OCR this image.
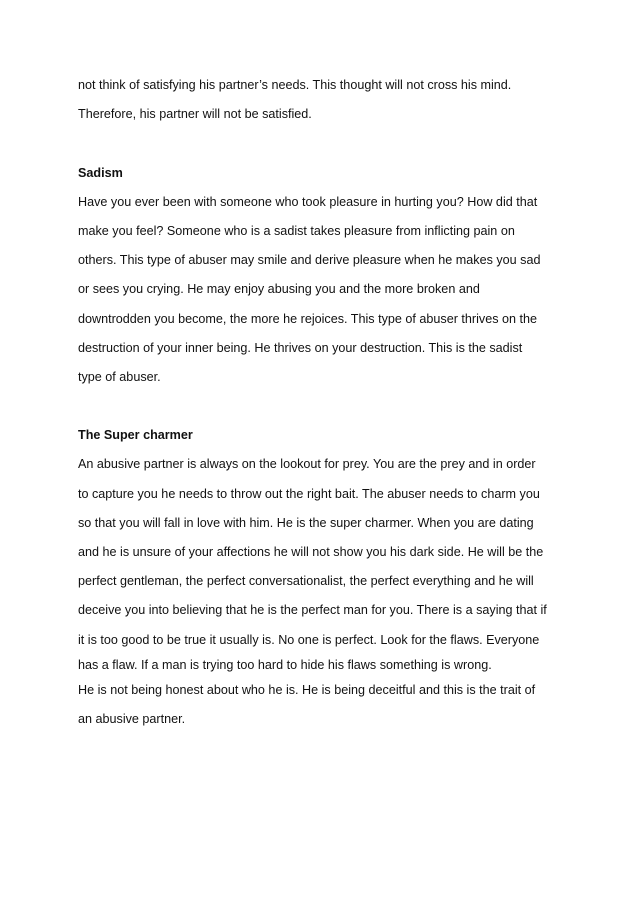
not think of satisfying his partner’s needs. This thought will not cross his mind.
Therefore, his partner will not be satisfied.
Sadism
Have you ever been with someone who took pleasure in hurting you? How did that
make you feel? Someone who is a sadist takes pleasure from inflicting pain on
others. This type of abuser may smile and derive pleasure when he makes you sad
or sees you crying. He may enjoy abusing you and the more broken and
downtrodden you become, the more he rejoices. This type of abuser thrives on the
destruction of your inner being. He thrives on your destruction. This is the sadist
type of abuser.
The Super charmer
An abusive partner is always on the lookout for prey. You are the prey and in order
to capture you he needs to throw out the right bait. The abuser needs to charm you
so that you will fall in love with him. He is the super charmer. When you are dating
and he is unsure of your affections he will not show you his dark side. He will be the
perfect gentleman, the perfect conversationalist, the perfect everything and he will
deceive you into believing that he is the perfect man for you. There is a saying that if
it is too good to be true it usually is. No one is perfect. Look for the flaws. Everyone
has a flaw. If a man is trying too hard to hide his flaws something is wrong.
He is not being honest about who he is. He is being deceitful and this is the trait of
an abusive partner.
